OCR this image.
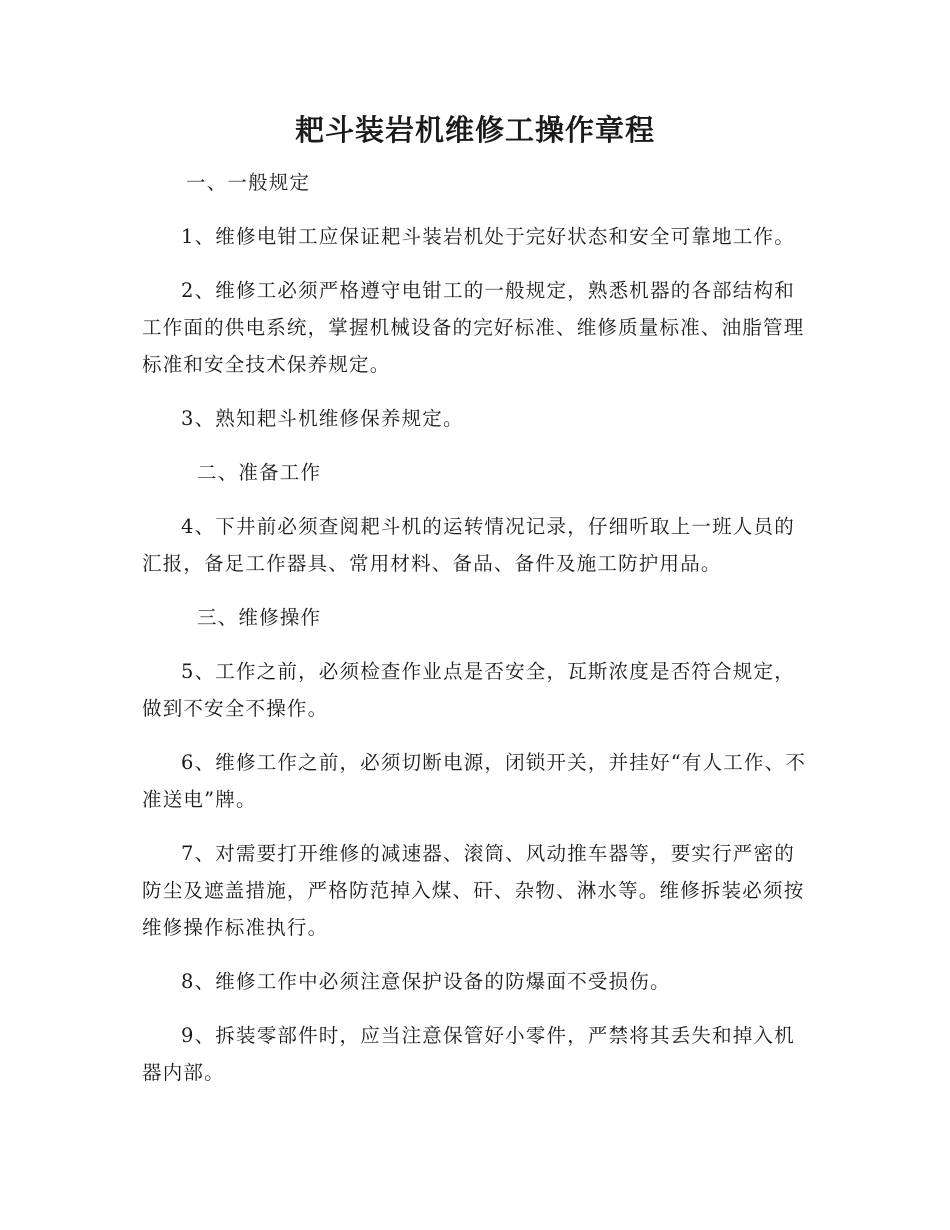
耙斗装岩机维修工操作章程
一、一般规定

1、维修电钳工应保证耙斗装岩机处于完好状态和安全可靠地工作。

2、维修工必须严格遵守电钳工的一般规定，熟悉机器的各部结构和工作面的供电系统，掌握机械设备的完好标准、维修质量标准、油脂管理标准和安全技术保养规定。

3、熟知耙斗机维修保养规定。

二、准备工作

4、下井前必须查阅耙斗机的运转情况记录，仔细听取上一班人员的汇报，备足工作器具、常用材料、备品、备件及施工防护用品。

三、维修操作

5、工作之前，必须检查作业点是否安全，瓦斯浓度是否符合规定，做到不安全不操作。

6、维修工作之前，必须切断电源，闭锁开关，并挂好“有人工作、不准送电”牌。

7、对需要打开维修的减速器、滚筒、风动推车器等，要实行严密的防尘及遮盖措施，严格防范掉入煤、矸、杂物、淋水等。维修拆装必须按维修操作标准执行。

8、维修工作中必须注意保护设备的防爆面不受损伤。

9、拆装零部件时，应当注意保管好小零件，严禁将其丢失和掉入机器内部。
